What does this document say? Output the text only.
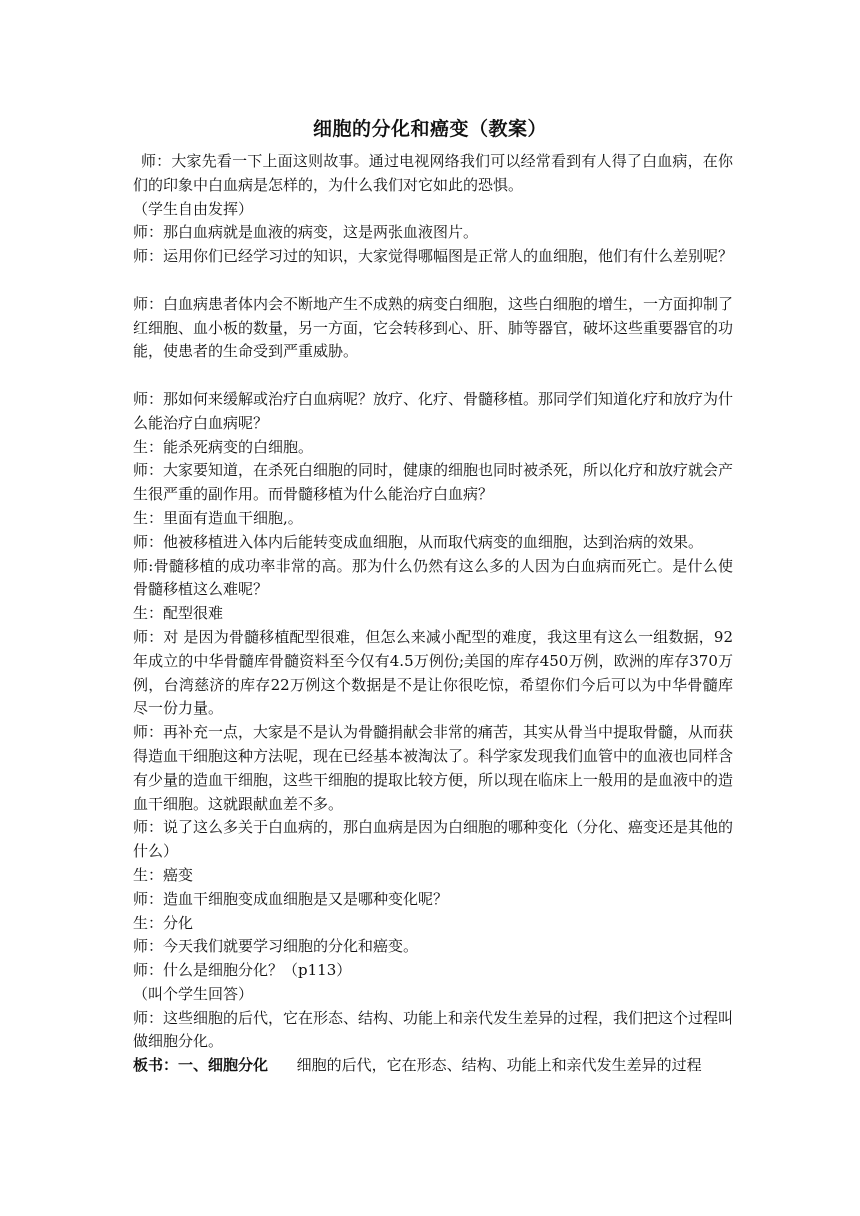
细胞的分化和癌变（教案）

师：大家先看一下上面这则故事。通过电视网络我们可以经常看到有人得了白血病，在你们的印象中白血病是怎样的，为什么我们对它如此的恐惧。

（学生自由发挥）

师：那白血病就是血液的病变，这是两张血液图片。

师：运用你们已经学习过的知识，大家觉得哪幅图是正常人的血细胞，他们有什么差别呢？

师：白血病患者体内会不断地产生不成熟的病变白细胞，这些白细胞的增生，一方面抑制了红细胞、血小板的数量，另一方面，它会转移到心、肝、肺等器官，破坏这些重要器官的功能，使患者的生命受到严重威胁。

师：那如何来缓解或治疗白血病呢？放疗、化疗、骨髓移植。那同学们知道化疗和放疗为什么能治疗白血病呢？

生：能杀死病变的白细胞。

师：大家要知道，在杀死白细胞的同时，健康的细胞也同时被杀死，所以化疗和放疗就会产生很严重的副作用。而骨髓移植为什么能治疗白血病？

生：里面有造血干细胞,。

师：他被移植进入体内后能转变成血细胞，从而取代病变的血细胞，达到治病的效果。

师:骨髓移植的成功率非常的高。那为什么仍然有这么多的人因为白血病而死亡。是什么使骨髓移植这么难呢？

生：配型很难

师：对 是因为骨髓移植配型很难，但怎么来减小配型的难度，我这里有这么一组数据，92年成立的中华骨髓库骨髓资料至今仅有4.5万例份;美国的库存450万例，欧洲的库存370万例，台湾慈济的库存22万例这个数据是不是让你很吃惊，希望你们今后可以为中华骨髓库尽一份力量。

师：再补充一点，大家是不是认为骨髓捐献会非常的痛苦，其实从骨当中提取骨髓，从而获得造血干细胞这种方法呢，现在已经基本被淘汰了。科学家发现我们血管中的血液也同样含有少量的造血干细胞，这些干细胞的提取比较方便，所以现在临床上一般用的是血液中的造血干细胞。这就跟献血差不多。

师：说了这么多关于白血病的，那白血病是因为白细胞的哪种变化（分化、癌变还是其他的什么）

生：癌变

师：造血干细胞变成血细胞是又是哪种变化呢？

生：分化

师：今天我们就要学习细胞的分化和癌变。

师：什么是细胞分化？（p113）

（叫个学生回答）

师：这些细胞的后代，它在形态、结构、功能上和亲代发生差异的过程，我们把这个过程叫做细胞分化。

板书：一、细胞分化 细胞的后代，它在形态、结构、功能上和亲代发生差异的过程
